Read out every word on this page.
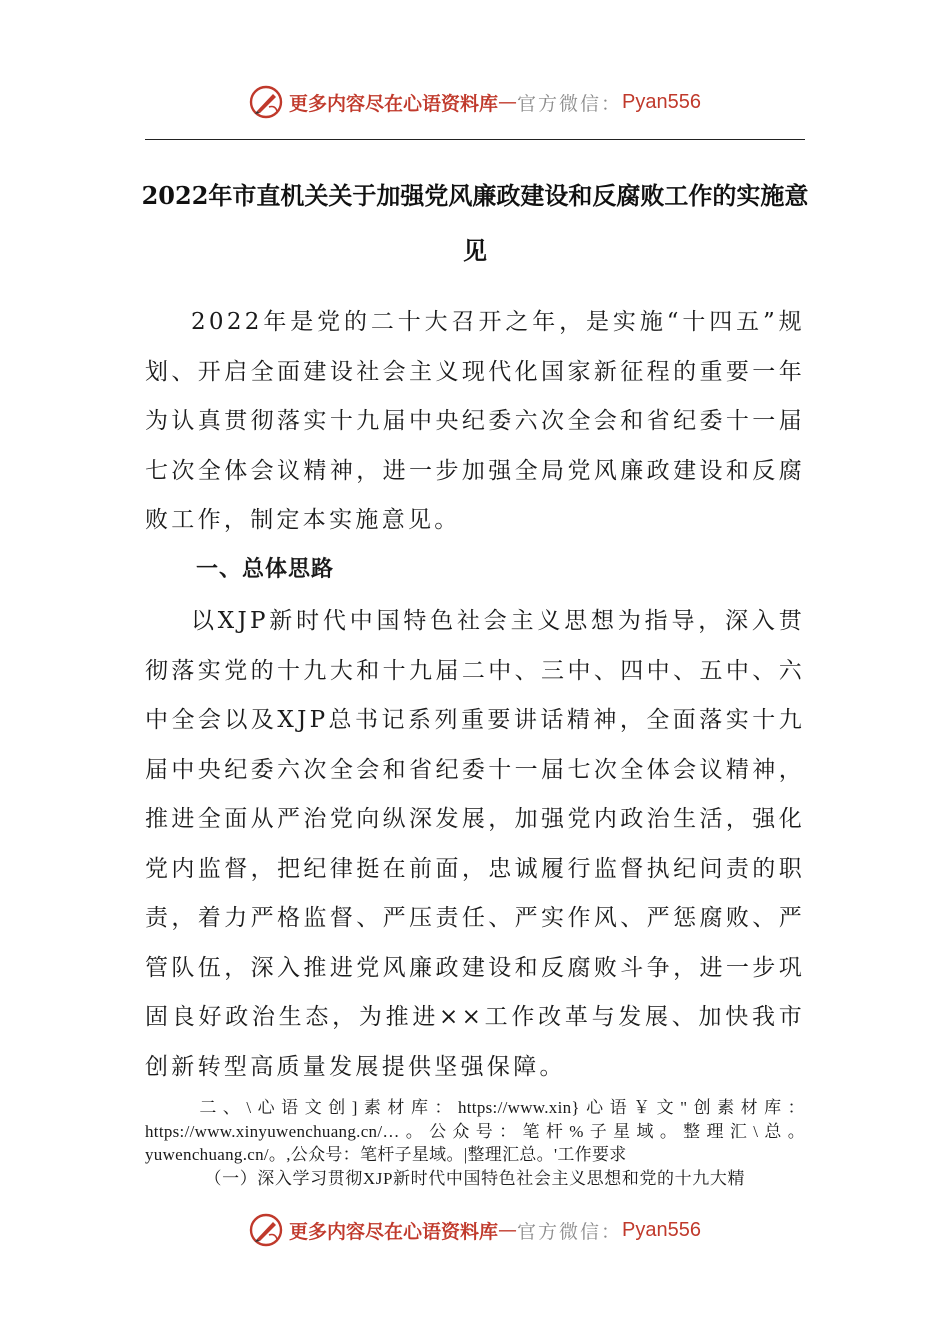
更多内容尽在心语资料库 — 官方微信： Pyan556
2022年市直机关关于加强党风廉政建设和反腐败工作的实施意见
2022年是党的二十大召开之年，是实施“十四五”规划、开启全面建设社会主义现代化国家新征程的重要一年为认真贯彻落实十九届中央纪委六次全会和省纪委十一届七次全体会议精神，进一步加强全局党风廉政建设和反腐败工作，制定本实施意见。
一、总体思路
以XJP新时代中国特色社会主义思想为指导，深入贯彻落实党的十九大和十九届二中、三中、四中、五中、六中全会以及XJP总书记系列重要讲话精神，全面落实十九届中央纪委六次全会和省纪委十一届七次全体会议精神，推进全面从严治党向纵深发展，加强党内政治生活，强化党内监督，把纪律挺在前面，忠诚履行监督执纪问责的职责，着力严格监督、严压责任、严实作风、严惩腐败、严管队伍，深入推进党风廉政建设和反腐败斗争，进一步巩固良好政治生态，为推进××工作改革与发展、加快我市创新转型高质量发展提供坚强保障。
二、\心语文创]素材库：https://www.xin}心语￥文"创素材库：https://www.xinyuwenchuang.cn/…。公众号：笔杆%子星域。整理汇\总。yuwenchuang.cn/。,公众号：笔杆子星域。|整理汇总。'工作要求
（一）深入学习贯彻XJP新时代中国特色社会主义思想和党的十九大精
更多内容尽在心语资料库 — 官方微信： Pyan556
